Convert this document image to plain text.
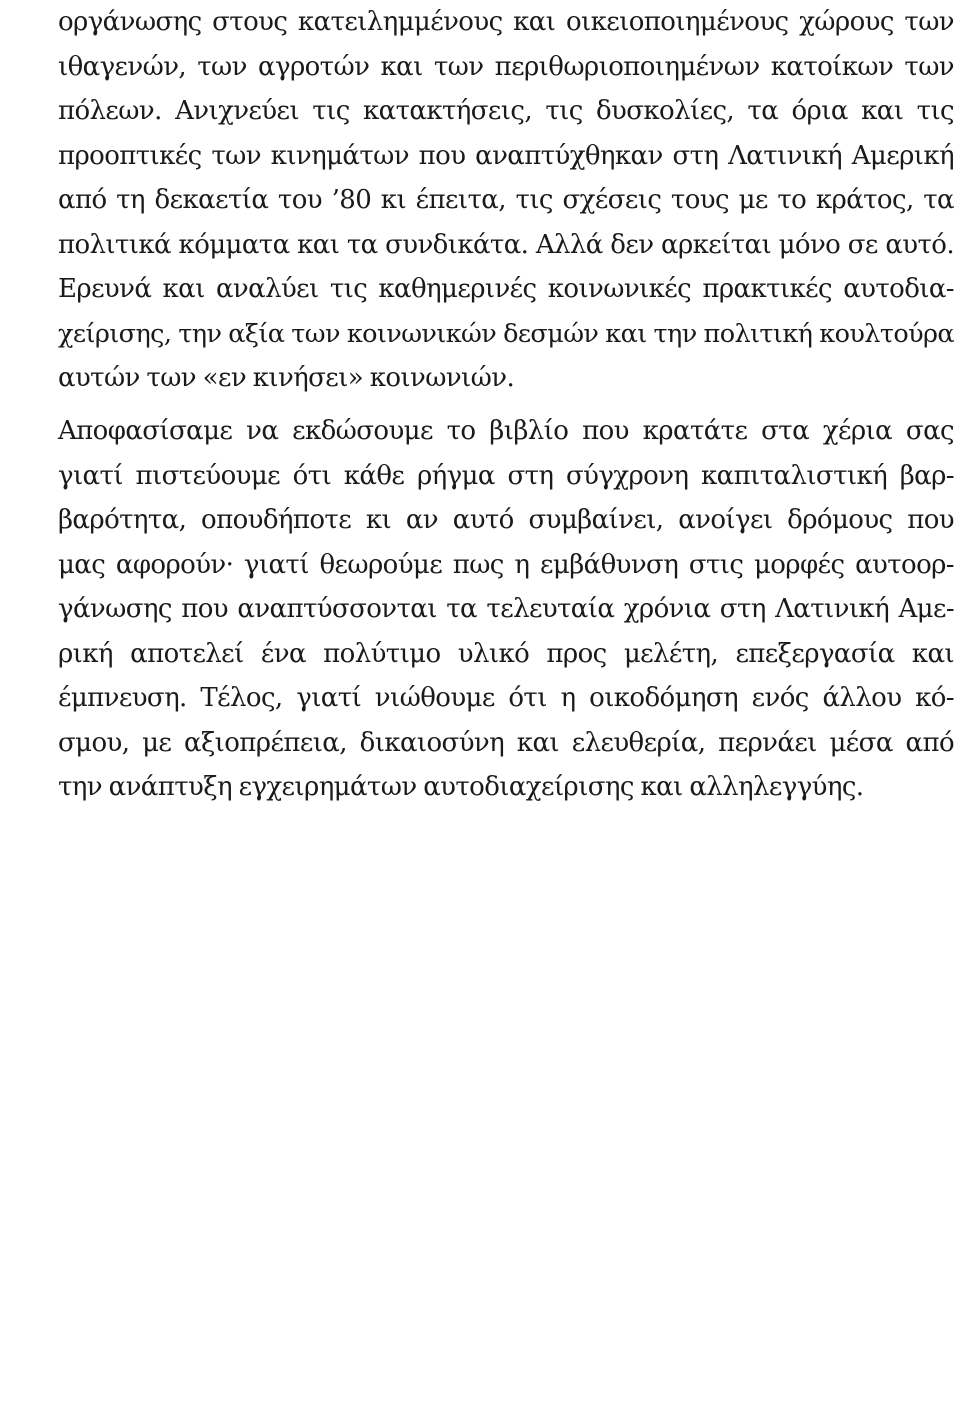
οργάνωσης στους κατειλημμένους και οικειοποιημένους χώρους των
ιθαγενών, των αγροτών και των περιθωριοποιημένων κατοίκων των
πόλεων. Ανιχνεύει τις κατακτήσεις, τις δυσκολίες, τα όρια και τις
προοπτικές των κινημάτων που αναπτύχθηκαν στη Λατινική Αμερική
από τη δεκαετία του ’80 κι έπειτα, τις σχέσεις τους με το κράτος, τα
πολιτικά κόμματα και τα συνδικάτα. Αλλά δεν αρκείται μόνο σε αυτό.
Ερευνά και αναλύει τις καθημερινές κοινωνικές πρακτικές αυτοδια-
χείρισης, την αξία των κοινωνικών δεσμών και την πολιτική κουλτούρα
αυτών των «εν κινήσει» κοινωνιών.
Αποφασίσαμε να εκδώσουμε το βιβλίο που κρατάτε στα χέρια σας
γιατί πιστεύουμε ότι κάθε ρήγμα στη σύγχρονη καπιταλιστική βαρ-
βαρότητα, οπουδήποτε κι αν αυτό συμβαίνει, ανοίγει δρόμους που
μας αφορούν· γιατί θεωρούμε πως η εμβάθυνση στις μορφές αυτοορ-
γάνωσης που αναπτύσσονται τα τελευταία χρόνια στη Λατινική Αμε-
ρική αποτελεί ένα πολύτιμο υλικό προς μελέτη, επεξεργασία και
έμπνευση. Τέλος, γιατί νιώθουμε ότι η οικοδόμηση ενός άλλου κό-
σμου, με αξιοπρέπεια, δικαιοσύνη και ελευθερία, περνάει μέσα από
την ανάπτυξη εγχειρημάτων αυτοδιαχείρισης και αλληλεγγύης.
